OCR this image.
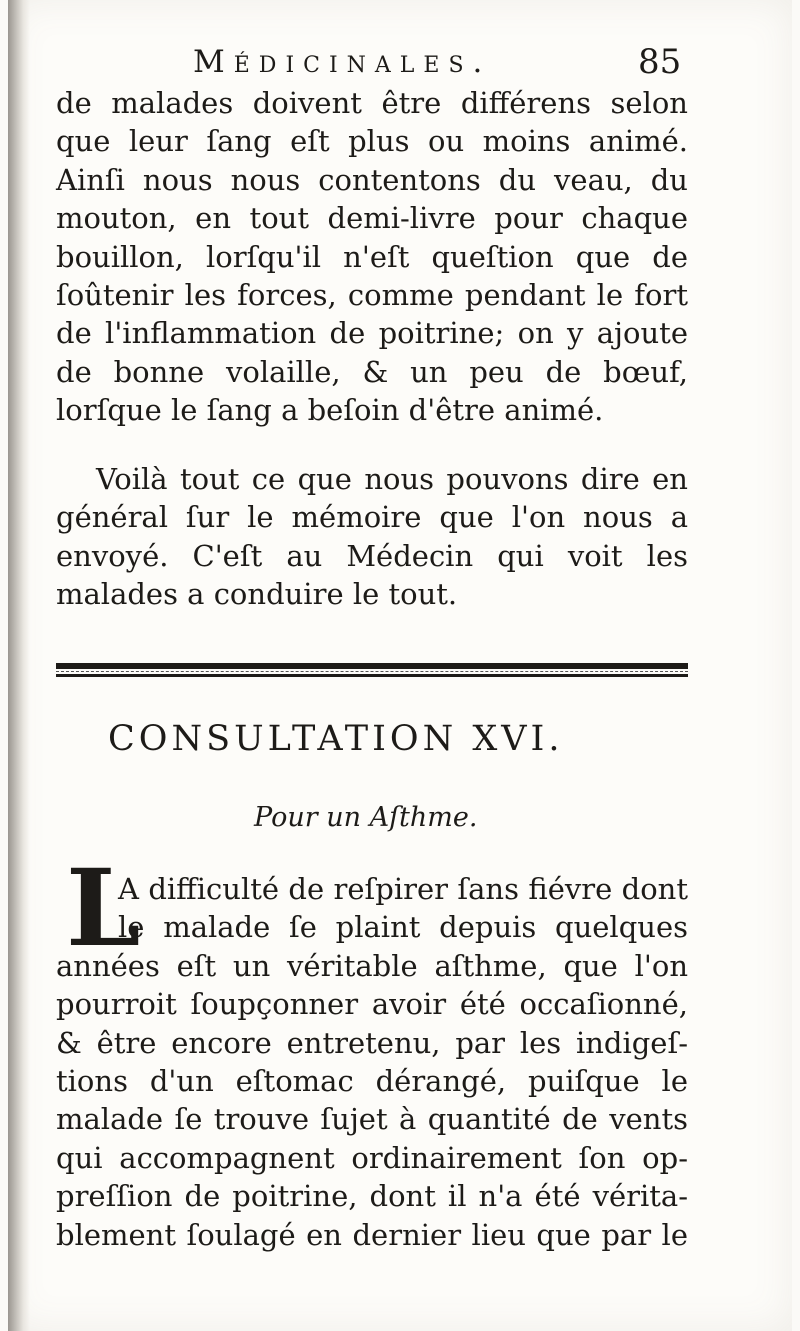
Médicinales.	85
de malades doivent être différens selon
que leur ſang eſt plus ou moins animé.
Ainſi nous nous contentons du veau, du
mouton, en tout demi-livre pour chaque
bouillon, lorſqu'il n'eſt queſtion que de
ſoûtenir les forces, comme pendant le fort
de l'inflammation de poitrine; on y ajoute
de bonne volaille, & un peu de bœuf,
lorſque le ſang a beſoin d'être animé.
Voilà tout ce que nous pouvons dire en
général ſur le mémoire que l'on nous a
envoyé. C'eſt au Médecin qui voit les
malades a conduire le tout.
CONSULTATION XVI.
Pour un Aſthme.
L
A difficulté de reſpirer ſans fiévre dont
le malade ſe plaint depuis quelques
années eſt un véritable aſthme, que l'on
pourroit ſoupçonner avoir été occaſionné,
& être encore entretenu, par les indigeſ-
tions d'un eſtomac dérangé, puiſque le
malade ſe trouve ſujet à quantité de vents
qui accompagnent ordinairement ſon op-
preſſion de poitrine, dont il n'a été vérita-
blement ſoulagé en dernier lieu que par le
